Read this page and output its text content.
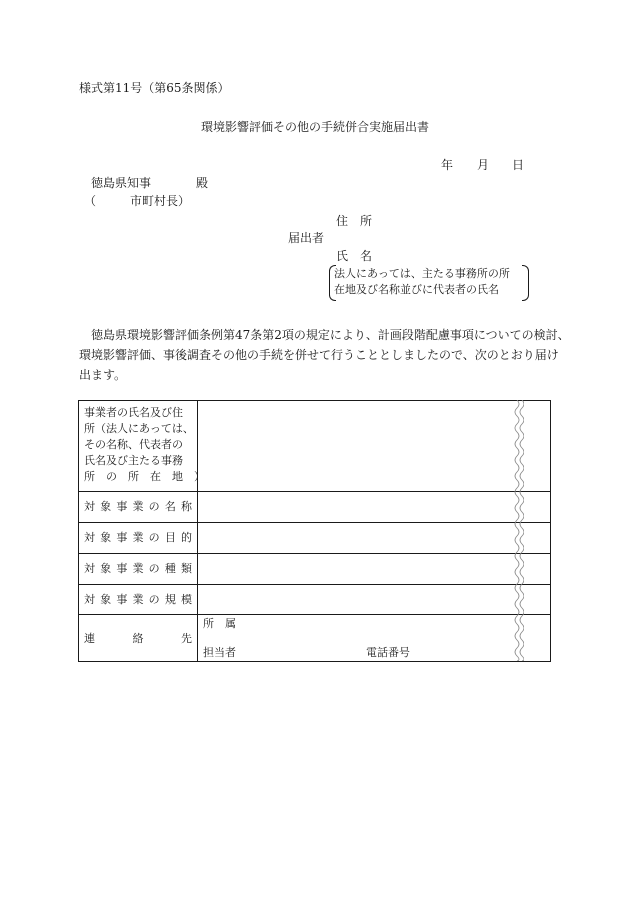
様式第11号（第65条関係）
環境影響評価その他の手続併合実施届出書
年 月 日
徳島県知事	殿
（	市町村長）
住　所
届出者
氏　名
法人にあっては、主たる事務所の所
在地及び名称並びに代表者の氏名

　徳島県環境影響評価条例第47条第2項の規定により、計画段階配慮事項についての検討、

環境影響評価、事後調査その他の手続を併せて行うこととしましたので、次のとおり届け

出ます。

事業者の氏名及び住
所（法人にあっては、
その名称、代表者の
氏名及び主たる事務
所　の　所　在　地　）
対象事業の名称
対象事業の目的
対象事業の種類
対象事業の規模
連絡先
所　属
担当者	電話番号
